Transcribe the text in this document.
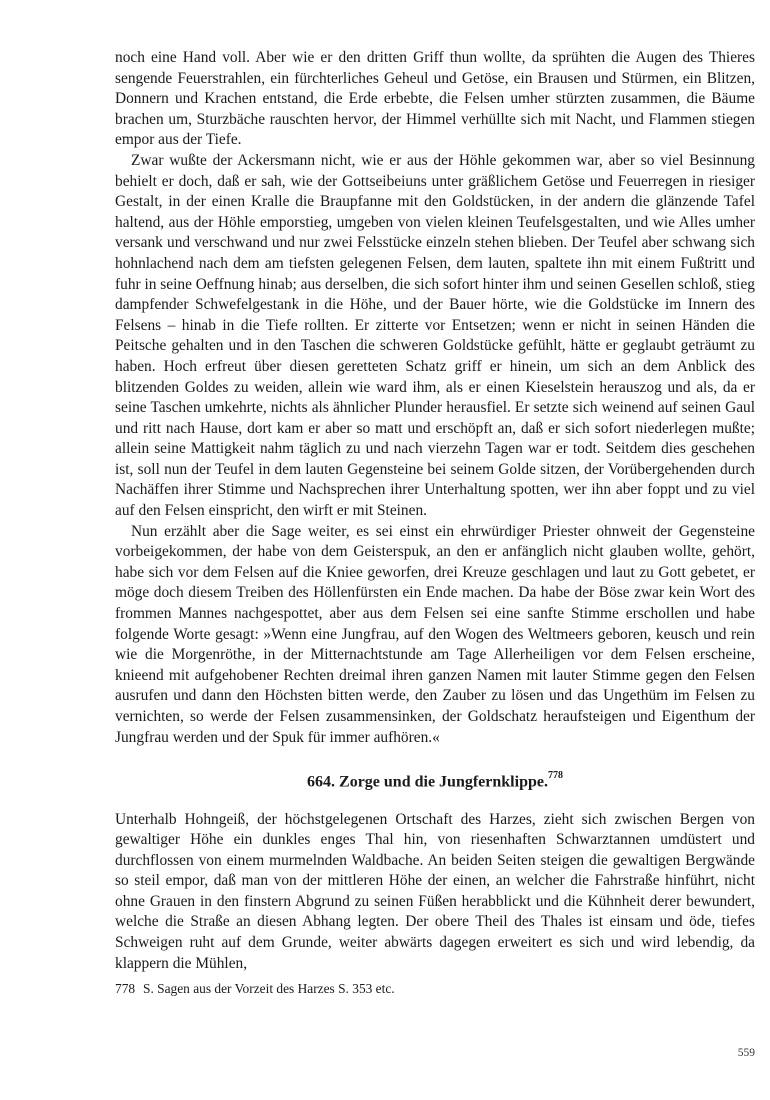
noch eine Hand voll. Aber wie er den dritten Griff thun wollte, da sprühten die Augen des Thieres sengende Feuerstrahlen, ein fürchterliches Geheul und Getöse, ein Brausen und Stürmen, ein Blitzen, Donnern und Krachen entstand, die Erde erbebte, die Felsen umher stürzten zusammen, die Bäume brachen um, Sturzbäche rauschten hervor, der Himmel verhüllte sich mit Nacht, und Flammen stiegen empor aus der Tiefe.

Zwar wußte der Ackersmann nicht, wie er aus der Höhle gekommen war, aber so viel Besinnung behielt er doch, daß er sah, wie der Gottseibeiuns unter gräßlichem Getöse und Feuerregen in riesiger Gestalt, in der einen Kralle die Braupfanne mit den Goldstücken, in der andern die glänzende Tafel haltend, aus der Höhle emporstieg, umgeben von vielen kleinen Teufelsgestalten, und wie Alles umher versank und verschwand und nur zwei Felsstücke einzeln stehen blieben. Der Teufel aber schwang sich hohnlachend nach dem am tiefsten gelegenen Felsen, dem lauten, spaltete ihn mit einem Fußtritt und fuhr in seine Oeffnung hinab; aus derselben, die sich sofort hinter ihm und seinen Gesellen schloß, stieg dampfender Schwefelgestank in die Höhe, und der Bauer hörte, wie die Goldstücke im Innern des Felsens – hinab in die Tiefe rollten. Er zitterte vor Entsetzen; wenn er nicht in seinen Händen die Peitsche gehalten und in den Taschen die schweren Goldstücke gefühlt, hätte er geglaubt geträumt zu haben. Hoch erfreut über diesen geretteten Schatz griff er hinein, um sich an dem Anblick des blitzenden Goldes zu weiden, allein wie ward ihm, als er einen Kieselstein herauszog und als, da er seine Taschen umkehrte, nichts als ähnlicher Plunder herausfiel. Er setzte sich weinend auf seinen Gaul und ritt nach Hause, dort kam er aber so matt und erschöpft an, daß er sich sofort niederlegen mußte; allein seine Mattigkeit nahm täglich zu und nach vierzehn Tagen war er todt. Seitdem dies geschehen ist, soll nun der Teufel in dem lauten Gegensteine bei seinem Golde sitzen, der Vorübergehenden durch Nachäffen ihrer Stimme und Nachsprechen ihrer Unterhaltung spotten, wer ihn aber foppt und zu viel auf den Felsen einspricht, den wirft er mit Steinen.

Nun erzählt aber die Sage weiter, es sei einst ein ehrwürdiger Priester ohnweit der Gegensteine vorbeigekommen, der habe von dem Geisterspuk, an den er anfänglich nicht glauben wollte, gehört, habe sich vor dem Felsen auf die Kniee geworfen, drei Kreuze geschlagen und laut zu Gott gebetet, er möge doch diesem Treiben des Höllenfürsten ein Ende machen. Da habe der Böse zwar kein Wort des frommen Mannes nachgespottet, aber aus dem Felsen sei eine sanfte Stimme erschollen und habe folgende Worte gesagt: »Wenn eine Jungfrau, auf den Wogen des Weltmeers geboren, keusch und rein wie die Morgenröthe, in der Mitternachtstunde am Tage Allerheiligen vor dem Felsen erscheine, knieend mit aufgehobener Rechten dreimal ihren ganzen Namen mit lauter Stimme gegen den Felsen ausrufen und dann den Höchsten bitten werde, den Zauber zu lösen und das Ungethüm im Felsen zu vernichten, so werde der Felsen zusammensinken, der Goldschatz heraufsteigen und Eigenthum der Jungfrau werden und der Spuk für immer aufhören.«

664. Zorge und die Jungfernklippe.$^{778}$

Unterhalb Hohngeiß, der höchstgelegenen Ortschaft des Harzes, zieht sich zwischen Bergen von gewaltiger Höhe ein dunkles enges Thal hin, von riesenhaften Schwarztannen umdüstert und durchflossen von einem murmelnden Waldbache. An beiden Seiten steigen die gewaltigen Bergwände so steil empor, daß man von der mittleren Höhe der einen, an welcher die Fahrstraße hinführt, nicht ohne Grauen in den finstern Abgrund zu seinen Füßen herabblickt und die Kühnheit derer bewundert, welche die Straße an diesen Abhang legten. Der obere Theil des Thales ist einsam und öde, tiefes Schweigen ruht auf dem Grunde, weiter abwärts dagegen erweitert es sich und wird lebendig, da klappern die Mühlen,

778 S. Sagen aus der Vorzeit des Harzes S. 353 etc.
559
